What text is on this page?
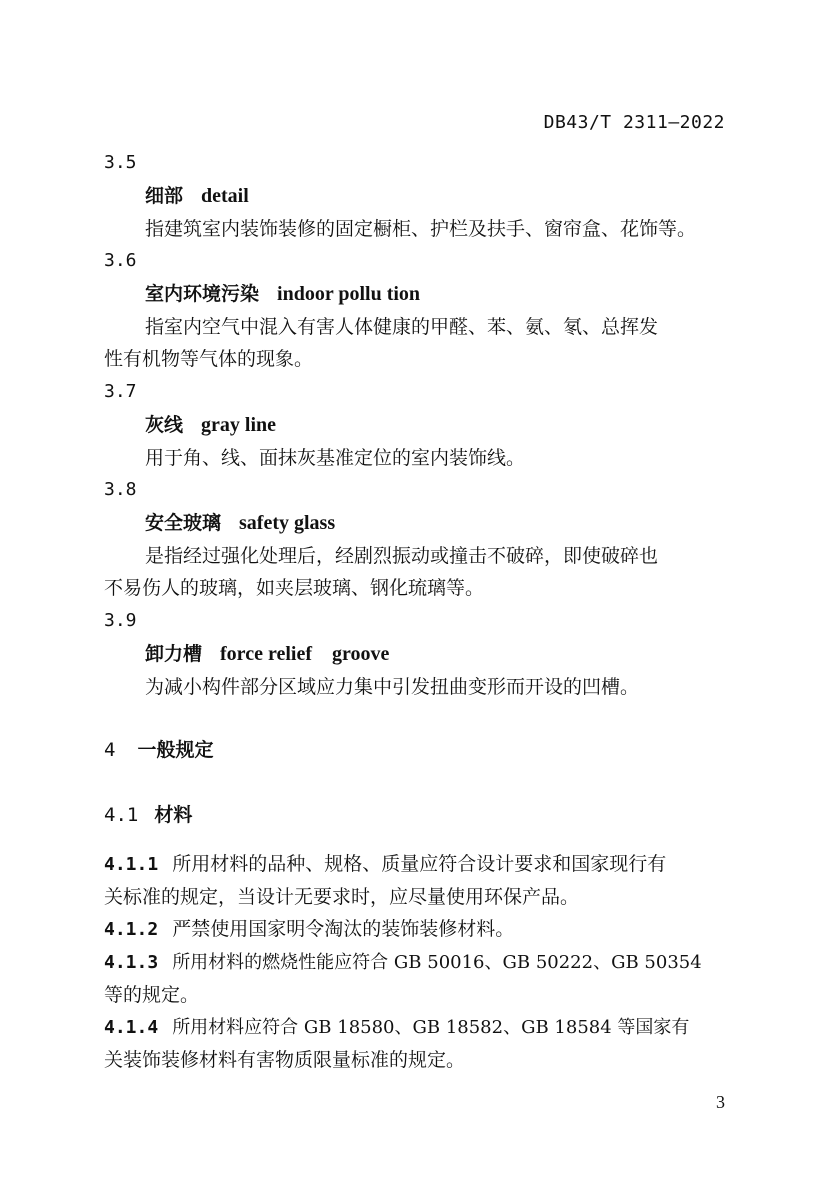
DB43/T 2311—2022
3.5
细部 detail
指建筑室内装饰装修的固定橱柜、护栏及扶手、窗帘盒、花饰等。
3.6
室内环境污染 indoor pollu tion
指室内空气中混入有害人体健康的甲醛、苯、氨、氡、总挥发
性有机物等气体的现象。
3.7
灰线 gray line
用于角、线、面抹灰基准定位的室内装饰线。
3.8
安全玻璃 safety glass
是指经过强化处理后，经剧烈振动或撞击不破碎，即使破碎也
不易伤人的玻璃，如夹层玻璃、钢化琉璃等。
3.9
卸力槽 force relief    groove
为减小构件部分区域应力集中引发扭曲变形而开设的凹槽。
4 一般规定
4.1 材料
4.1.1 所用材料的品种、规格、质量应符合设计要求和国家现行有
关标准的规定，当设计无要求时，应尽量使用环保产品。
4.1.2 严禁使用国家明令淘汰的装饰装修材料。
4.1.3 所用材料的燃烧性能应符合 GB 50016、GB 50222、GB 50354
等的规定。
4.1.4 所用材料应符合 GB 18580、GB 18582、GB 18584 等国家有
关装饰装修材料有害物质限量标准的规定。
3
